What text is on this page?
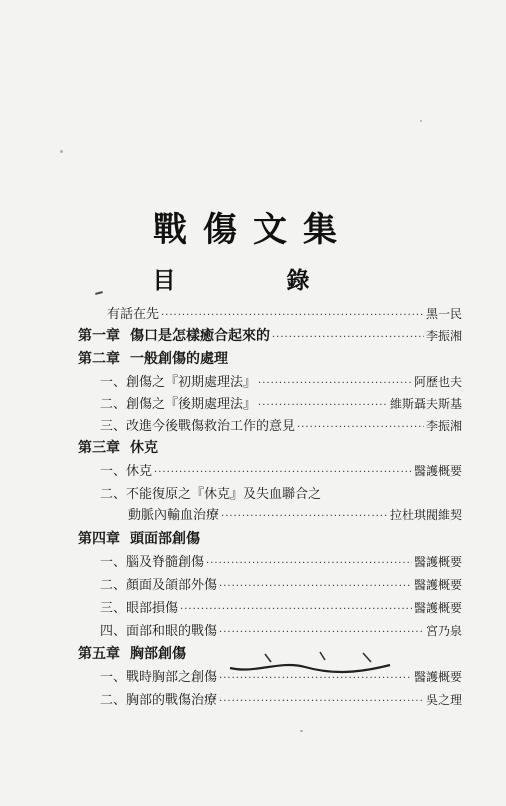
戰傷文集
目　錄
有話在先 ·····	黑一民
第一章 傷口是怎樣癒合起來的 ·····	李振湘
第二章 一般創傷的處理
一、 創傷之『初期處理法』 ·····	阿歷也夫
二、 創傷之『後期處理法』 ·····	維斯聶夫斯基
三、 改進今後戰傷救治工作的意見 ·····	李振湘
第三章 休克
一、 休克 ·····	醫護概要
二、 不能復原之『休克』及失血聯合之
動脈內輸血治療 ·····	拉杜琪閥維契
第四章 頭面部創傷
一、 腦及脊髓創傷 ·····	醫護概要
二、 顏面及頜部外傷 ·····	醫護概要
三、 眼部損傷 ·····	醫護概要
四、 面部和眼的戰傷 ·····	宮乃泉
第五章 胸部創傷
一、 戰時胸部之創傷 ·····	醫護概要
二、 胸部的戰傷治療 ·····	吳之理
